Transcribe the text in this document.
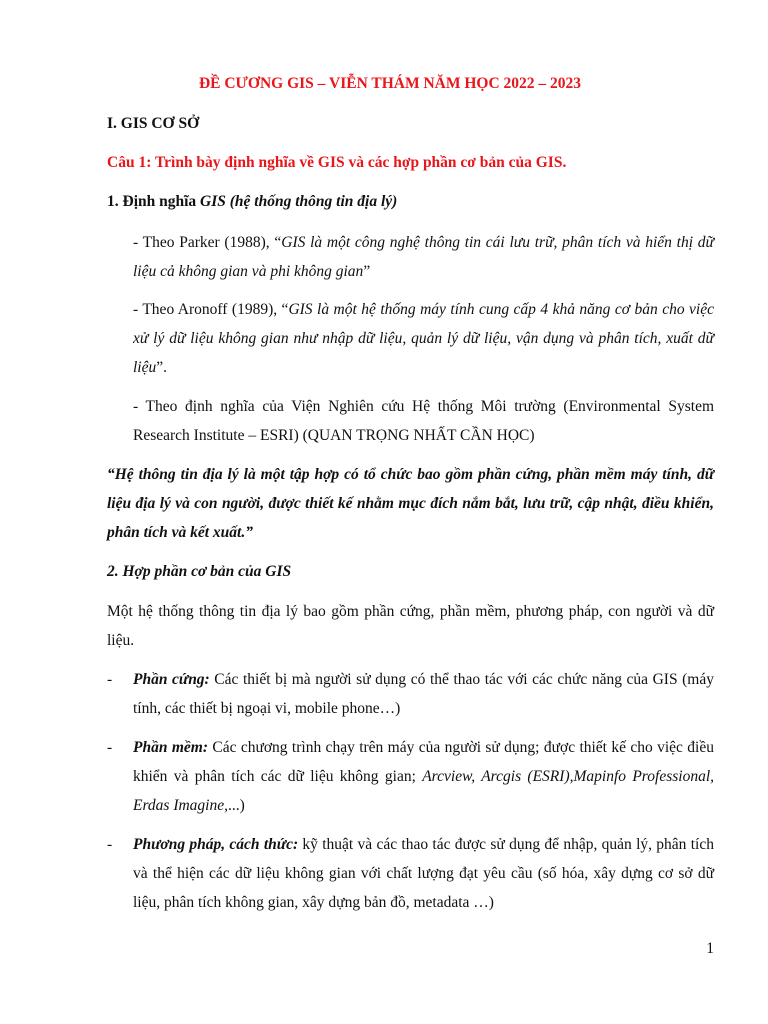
ĐỀ CƯƠNG GIS – VIỄN THÁM NĂM HỌC 2022 – 2023

I. GIS CƠ SỞ

Câu 1: Trình bày định nghĩa về GIS và các hợp phần cơ bản của GIS.

1. Định nghĩa GIS (hệ thống thông tin địa lý)

- Theo Parker (1988), “GIS là một công nghệ thông tin cái lưu trữ, phân tích và hiển thị dữ liệu cả không gian và phi không gian”

- Theo Aronoff (1989), “GIS là một hệ thống máy tính cung cấp 4 khả năng cơ bản cho việc xử lý dữ liệu không gian như nhập dữ liệu, quản lý dữ liệu, vận dụng và phân tích, xuất dữ liệu”.

- Theo định nghĩa của Viện Nghiên cứu Hệ thống Môi trường (Environmental System Research Institute – ESRI) (QUAN TRỌNG NHẤT CẦN HỌC)

“Hệ thông tin địa lý là một tập hợp có tổ chức bao gồm phần cứng, phần mềm máy tính, dữ liệu địa lý và con người, được thiết kế nhằm mục đích nắm bắt, lưu trữ, cập nhật, điều khiển, phân tích và kết xuất.”

2. Hợp phần cơ bản của GIS

Một hệ thống thông tin địa lý bao gồm phần cứng, phần mềm, phương pháp, con người và dữ liệu.

- Phần cứng: Các thiết bị mà người sử dụng có thể thao tác với các chức năng của GIS (máy tính, các thiết bị ngoại vi, mobile phone…)

- Phần mềm: Các chương trình chạy trên máy của người sử dụng; được thiết kế cho việc điều khiển và phân tích các dữ liệu không gian; Arcview, Arcgis (ESRI),Mapinfo Professional, Erdas Imagine,...)

- Phương pháp, cách thức: kỹ thuật và các thao tác được sử dụng để nhập, quản lý, phân tích và thể hiện các dữ liệu không gian với chất lượng đạt yêu cầu (số hóa, xây dựng cơ sở dữ liệu, phân tích không gian, xây dựng bản đồ, metadata …)

1
